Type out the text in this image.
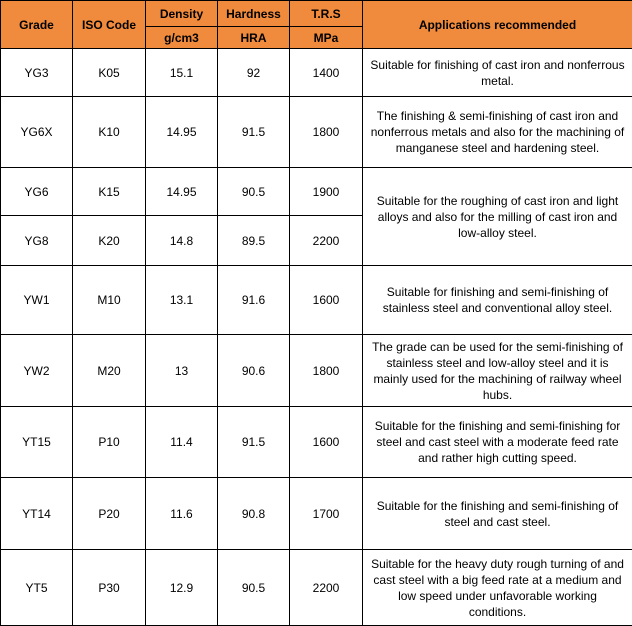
Grade	ISO Code	Density	Hardness	T.R.S	Applications recommended
		g/cm3	HRA	MPa	
YG3	K05	15.1	92	1400	Suitable for finishing of cast iron and nonferrous metal.
YG6X	K10	14.95	91.5	1800	The finishing & semi-finishing of cast iron and nonferrous metals and also for the machining of manganese steel and hardening steel.
YG6	K15	14.95	90.5	1900	Suitable for the roughing of cast iron and light alloys and also for the milling of cast iron and low-alloy steel.
YG8	K20	14.8	89.5	2200	
YW1	M10	13.1	91.6	1600	Suitable for finishing and semi-finishing of stainless steel and conventional alloy steel.
YW2	M20	13	90.6	1800	The grade can be used for the semi-finishing of stainless steel and low-alloy steel and it is mainly used for the machining of railway wheel hubs.
YT15	P10	11.4	91.5	1600	Suitable for the finishing and semi-finishing for steel and cast steel with a moderate feed rate and rather high cutting speed.
YT14	P20	11.6	90.8	1700	Suitable for the finishing and semi-finishing of steel and cast steel.
YT5	P30	12.9	90.5	2200	Suitable for the heavy duty rough turning of and cast steel with a big feed rate at a medium and low speed under unfavorable working conditions.
